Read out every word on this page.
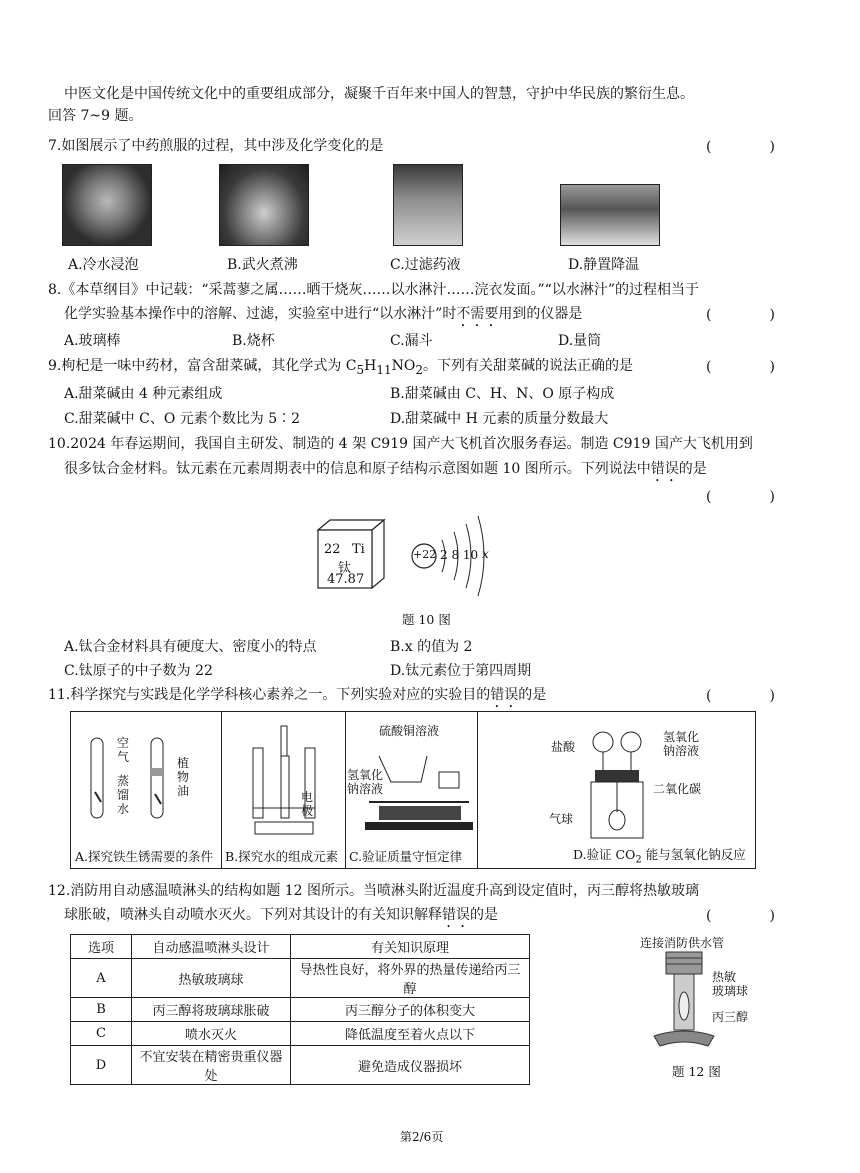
中医文化是中国传统文化中的重要组成部分，凝聚千百年来中国人的智慧，守护中华民族的繁衍生息。
回答 7~9 题。
7.如图展示了中药煎服的过程，其中涉及化学变化的是	(　)
A.冷水浸泡	B.武火煮沸	C.过滤药液	D.静置降温
8.《本草纲目》中记载：“采蒿蓼之属……晒干烧灰……以水淋汁……浣衣发面。”“以水淋汁”的过程相当于
化学实验基本操作中的溶解、过滤，实验室中进行“以水淋汁”时不需要用到的仪器是	(　)
A.玻璃棒	B.烧杯	C.漏斗	D.量筒
9.枸杞是一味中药材，富含甜菜碱，其化学式为 $C_5H_{11}NO_2$。下列有关甜菜碱的说法正确的是	(　)
A.甜菜碱由 4 种元素组成	B.甜菜碱由 C、H、N、O 原子构成
C.甜菜碱中 C、O 元素个数比为 5∶2	D.甜菜碱中 H 元素的质量分数最大
10.2024 年春运期间，我国自主研发、制造的 4 架 C919 国产大飞机首次服务春运。制造 C919 国产大飞机用到
很多钛合金材料。钛元素在元素周期表中的信息和原子结构示意图如题 10 图所示。下列说法中错误的是
(　)
22 Ti
钛
47.87
+22 2 8 10 x
题 10 图
A.钛合金材料具有硬度大、密度小的特点	B.x 的值为 2
C.钛原子的中子数为 22	D.钛元素位于第四周期
11.科学探究与实践是化学学科核心素养之一。下列实验对应的实验目的错误的是	(　)
空
气
蒸
馏
水
植
物
油
A.探究铁生锈需要的条件
电极
B.探究水的组成元素
硫酸铜溶液
氢氧化
钠溶液
C.验证质量守恒定律
盐酸
氢氧化
钠溶液
二氧化碳
气球
D.验证 $CO_2$ 能与氢氧化钠反应
12.消防用自动感温喷淋头的结构如题 12 图所示。当喷淋头附近温度升高到设定值时，丙三醇将热敏玻璃
球胀破，喷淋头自动喷水灭火。下列对其设计的有关知识解释错误的是	(　)
选项	自动感温喷淋头设计	有关知识原理
A	热敏玻璃球	导热性良好，将外界的热量传递给丙三醇
B	丙三醇将玻璃球胀破	丙三醇分子的体积变大
C	喷水灭火	降低温度至着火点以下
D	不宜安装在精密贵重仪器处	避免造成仪器损坏
连接消防供水管
热敏
玻璃球
丙三醇
题 12 图
第2/6页
